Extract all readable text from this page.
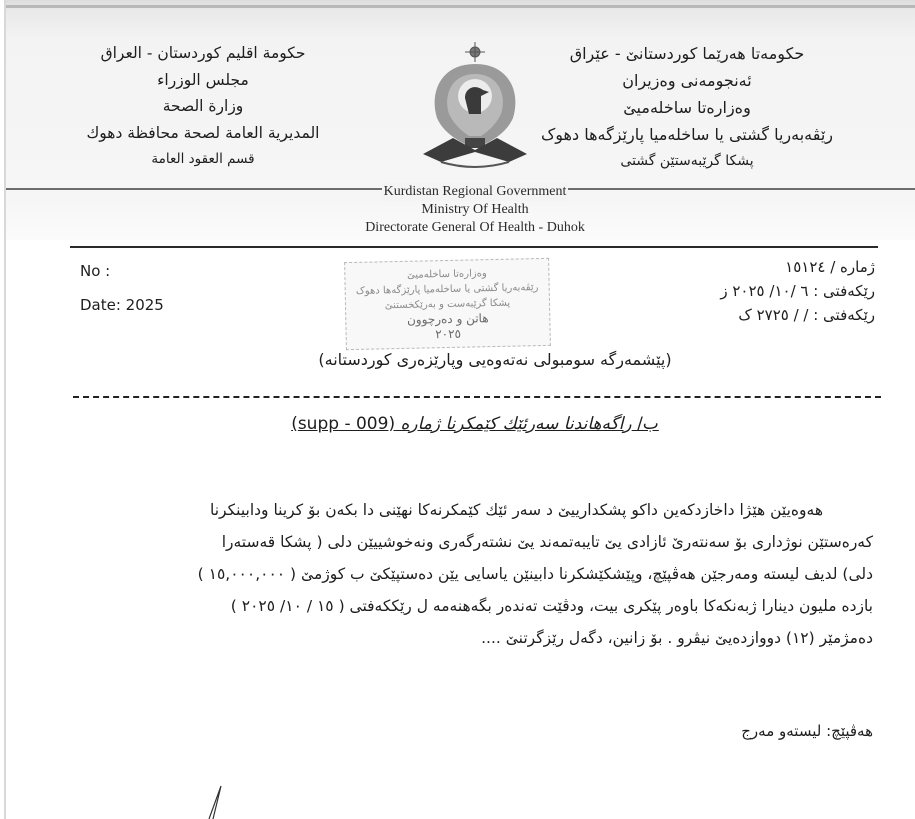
حکومەتا هەرێما کوردستانێ - عێراق
ئەنجومەنی وەزیران
وەزارەتا ساخلەمیێ
رێڤەبەریا گشتی یا ساخلەمیا پارێزگەها دهوک
پشکا گرێبەستێن گشتی
حكومة اقليم كوردستان - العراق
مجلس الوزراء
وزارة الصحة
المديرية العامة لصحة محافظة دهوك
قسم العقود العامة
Kurdistan Regional Government
Ministry Of Health
Directorate General Of Health - Duhok
No :
Date: 2025
ژمارە / ١٥١٢٤
رێکەفتی : ٦ /١٠/ ٢٠٢٥ ز
رێکەفتی : / / ٢٧٢٥ ک
وەزارەتا ساخلەمیێ
رێڤەبەریا گشتی یا ساخلەمیا پارێزگەها دهوک
پشکا گرێبەست و بەرێکخستنێ
هاتن و دەرچوون
٢٠٢٥
(پێشمەرگە سومبولی نەتەوەیی وپارێزەری کوردستانە)
ب/ راگەهاندنا سەرئێك کێمکرنا ژمارە (supp - 009)
هەوەیێن هێژا داخازدکەین داکو پشکدارییێ د سەر ئێك کێمکرنەکا نهێنی دا بکەن بۆ کرینا ودابینکرنا
کەرەستێن نوژداری بۆ سەنتەرێ ئازادی یێ تایبەتمەند یێ نشتەرگەری ونەخوشییێن دلی ( پشکا قەستەرا
دلی) لدیف لیستە ومەرجێن هەڤپێچ، وپێشکێشکرنا دابینێن یاسایی یێن دەستپێکێ ب کوژمێ ( ١٥,٠٠٠,٠٠٠ )
بازدە ملیون دینارا ژبەنکەکا باوەر پێکری بیت، ودڤێت تەندەر بگەهنەمە ل رێککەفتی ( ١٥ / ١٠/ ٢٠٢٥ )
دەمژمێر (١٢) دووازدەیێ نیڤرو . بۆ زانین، دگەل رێزگرتنێ ....
هەڤپێچ: لیستەو مەرج
